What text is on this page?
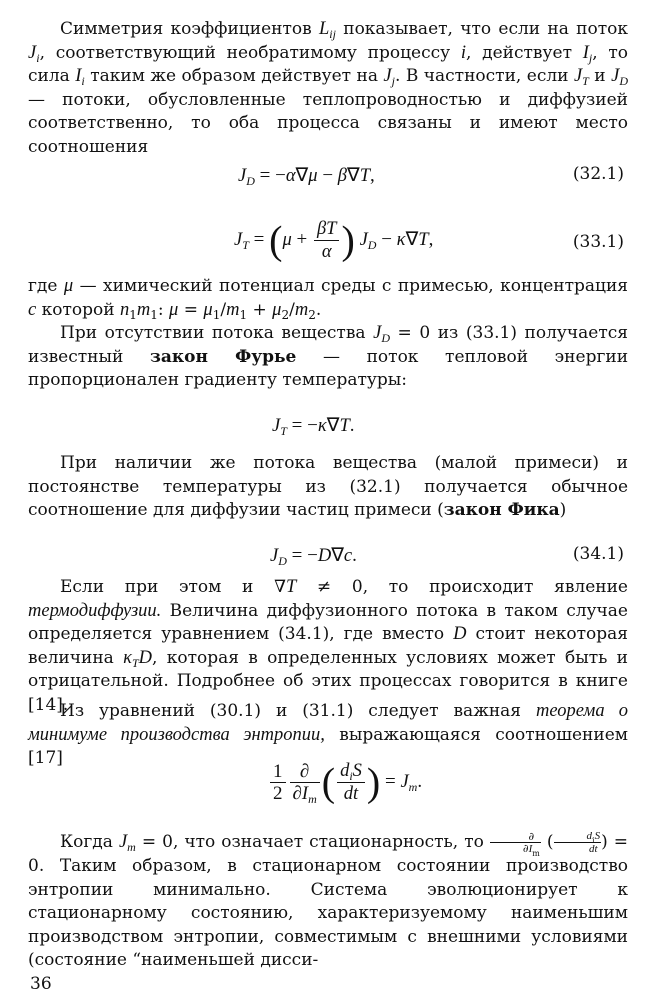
Симметрия коэффициентов $L_{ij}$ показывает, что если на поток $J_i$, соответствующий необратимому процессу i, действует $I_j$, то сила $I_i$ таким же образом действует на $J_j$. В частности, если $J_T$ и $J_D$ — потоки, обусловленные теплопроводностью и диффузией соответственно, то оба процесса связаны и имеют место соотношения

$J_D = -\alpha\nabla\mu - \beta\nabla T$,	(32.1)
$J_T = (\mu + \frac{\beta T}{\alpha}$ ) $J_D - \kappa\nabla T$,	(33.1)

где μ — химический потенциал среды с примесью, концентрация c которой $n_1m_1$: $\mu = \mu_1/m_1 + \mu_2/m_2$.

При отсутствии потока вещества $J_D = 0$ из (33.1) получается известный закон Фурье — поток тепловой энергии пропорционален градиенту температуры:

$J_T = -\kappa\nabla T$.

При наличии же потока вещества (малой примеси) и постоянстве температуры из (32.1) получается обычное соотношение для диффузии частиц примеси (закон Фика)

$J_D = -D\nabla c$.	(34.1)

Если при этом и ∇T ≠ 0, то происходит явление термодиффузии. Величина диффузионного потока в таком случае определяется уравнением (34.1), где вместо D стоит некоторая величина $\kappa_TD$, которая в определенных условиях может быть и отрицательной. Подробнее об этих процессах говорится в книге [14].

Из уравнений (30.1) и (31.1) следует важная теорема о минимуме производства энтропии, выражающаяся соотношением [17]

$\frac{1}{2} \frac{\partial}{\partial I_m}$ ( $\frac{d_iS}{dt}$ ) = $J_m$.

Когда $J_m = 0$, что означает стационарность, то $\frac{\partial}{\partial I_m}$ ( $\frac{d_iS}{dt}$ ) = 0. Таким образом, в стационарном состоянии производство энтропии минимально. Система эволюционирует к стационарному состоянию, характеризуемому наименьшим производством энтропии, совместимым с внешними условиями (состояние “наименьшей дисси-

36
